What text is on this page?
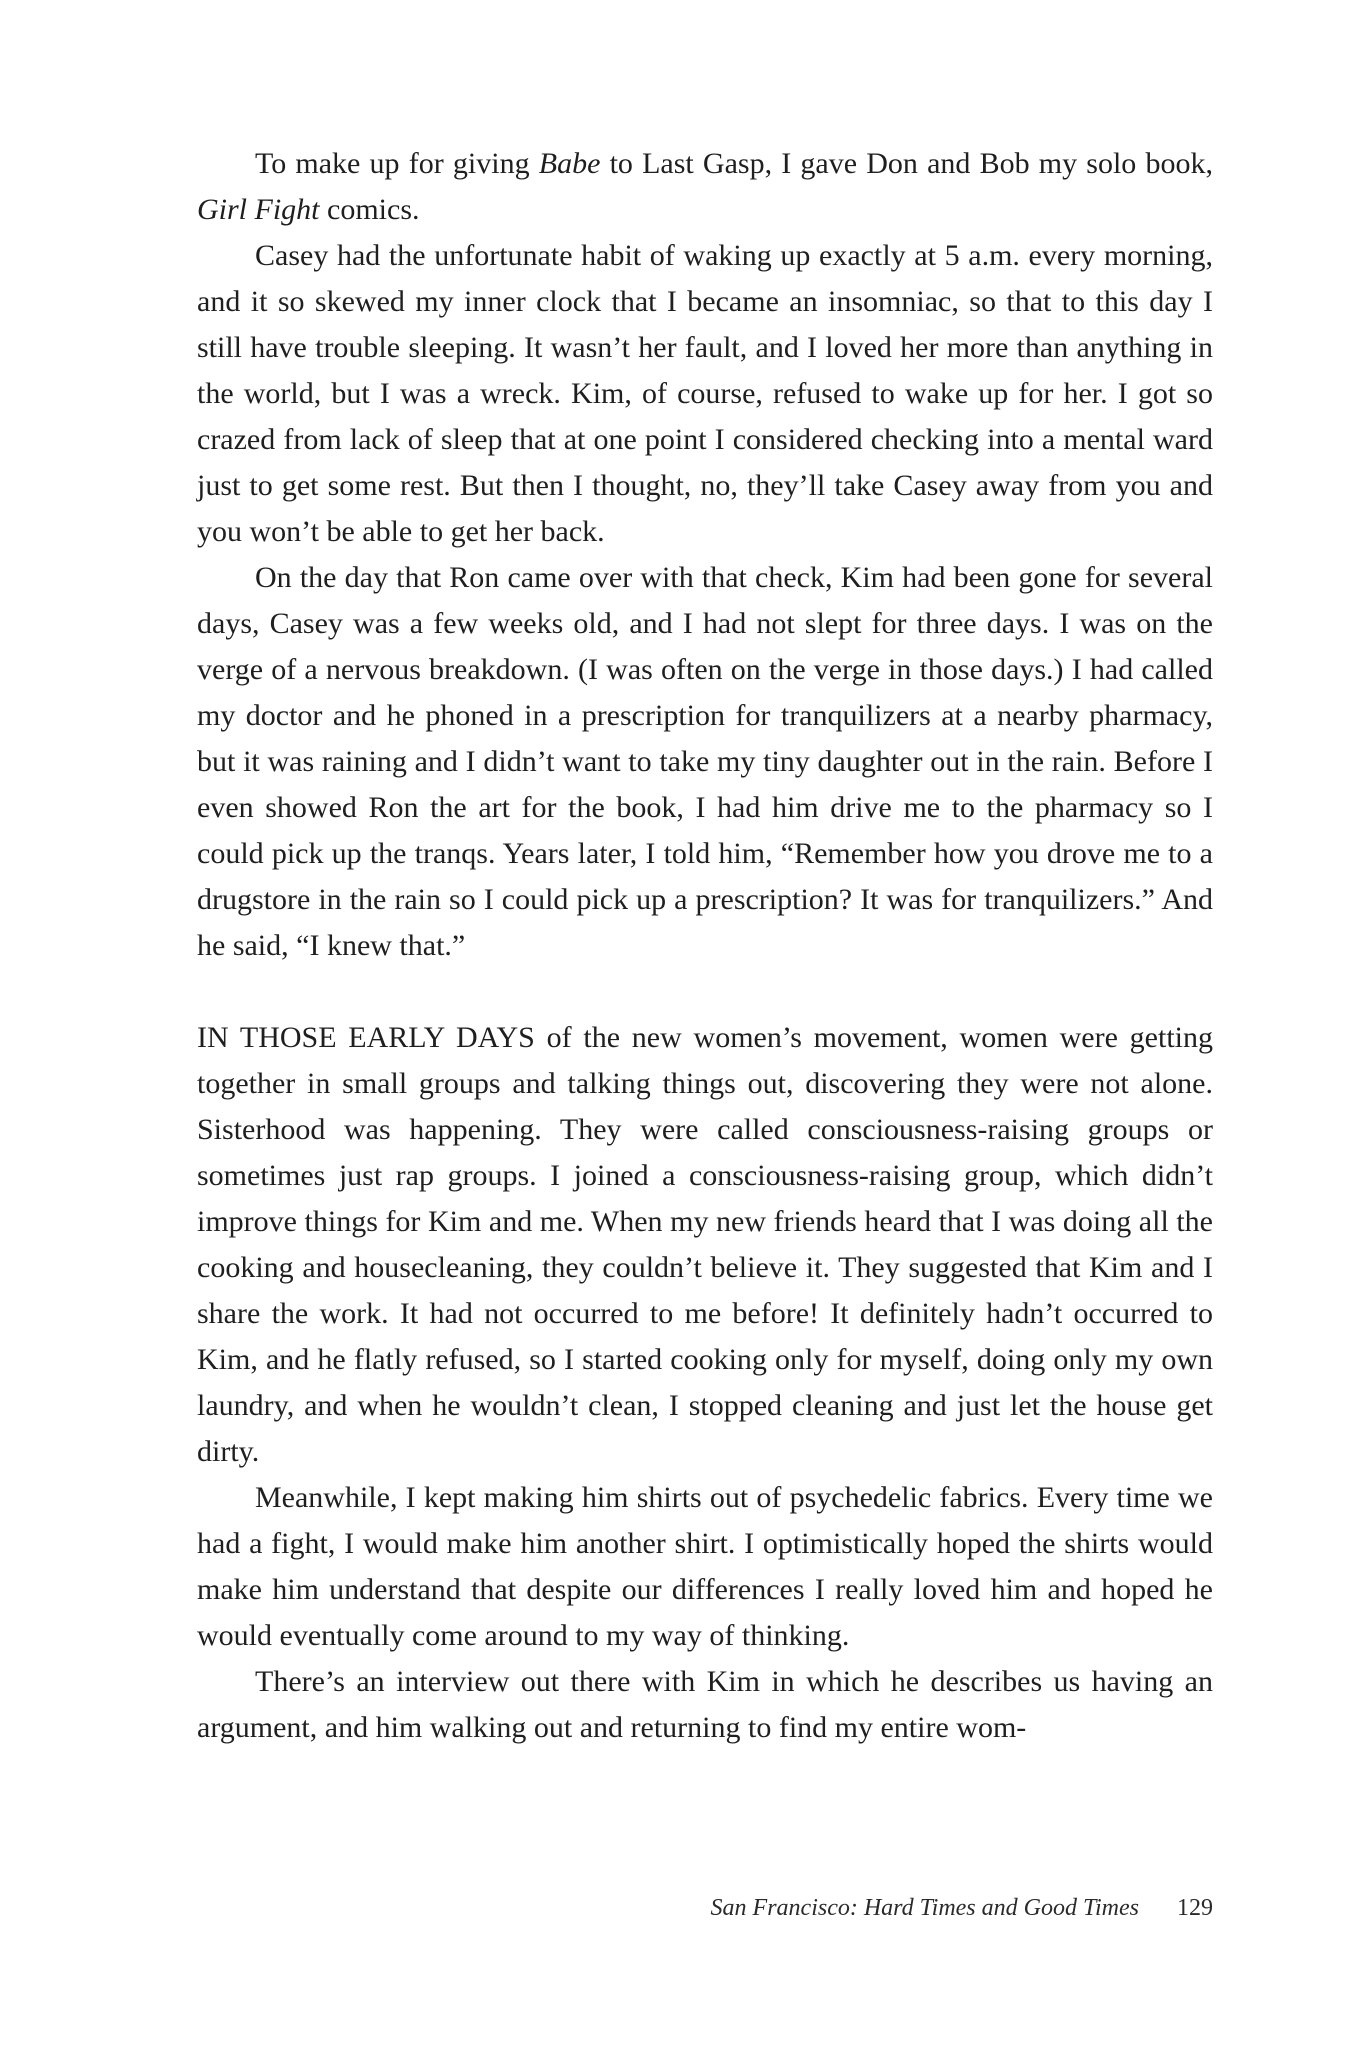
To make up for giving Babe to Last Gasp, I gave Don and Bob my solo book, Girl Fight comics.

Casey had the unfortunate habit of waking up exactly at 5 a.m. every morning, and it so skewed my inner clock that I became an insomniac, so that to this day I still have trouble sleeping. It wasn’t her fault, and I loved her more than anything in the world, but I was a wreck. Kim, of course, refused to wake up for her. I got so crazed from lack of sleep that at one point I considered checking into a mental ward just to get some rest. But then I thought, no, they’ll take Casey away from you and you won’t be able to get her back.

On the day that Ron came over with that check, Kim had been gone for several days, Casey was a few weeks old, and I had not slept for three days. I was on the verge of a nervous breakdown. (I was often on the verge in those days.) I had called my doctor and he phoned in a prescription for tranquilizers at a nearby pharmacy, but it was raining and I didn’t want to take my tiny daughter out in the rain. Before I even showed Ron the art for the book, I had him drive me to the pharmacy so I could pick up the tranqs. Years later, I told him, “Remember how you drove me to a drugstore in the rain so I could pick up a prescription? It was for tranquilizers.” And he said, “I knew that.”

IN THOSE EARLY DAYS of the new women’s movement, women were getting together in small groups and talking things out, discovering they were not alone. Sisterhood was happening. They were called consciousness-raising groups or sometimes just rap groups. I joined a consciousness-raising group, which didn’t improve things for Kim and me. When my new friends heard that I was doing all the cooking and housecleaning, they couldn’t believe it. They suggested that Kim and I share the work. It had not occurred to me before! It definitely hadn’t occurred to Kim, and he flatly refused, so I started cooking only for myself, doing only my own laundry, and when he wouldn’t clean, I stopped cleaning and just let the house get dirty.

Meanwhile, I kept making him shirts out of psychedelic fabrics. Every time we had a fight, I would make him another shirt. I optimistically hoped the shirts would make him understand that despite our differences I really loved him and hoped he would eventually come around to my way of thinking.

There’s an interview out there with Kim in which he describes us having an argument, and him walking out and returning to find my entire wom-

San Francisco: Hard Times and Good Times 129
